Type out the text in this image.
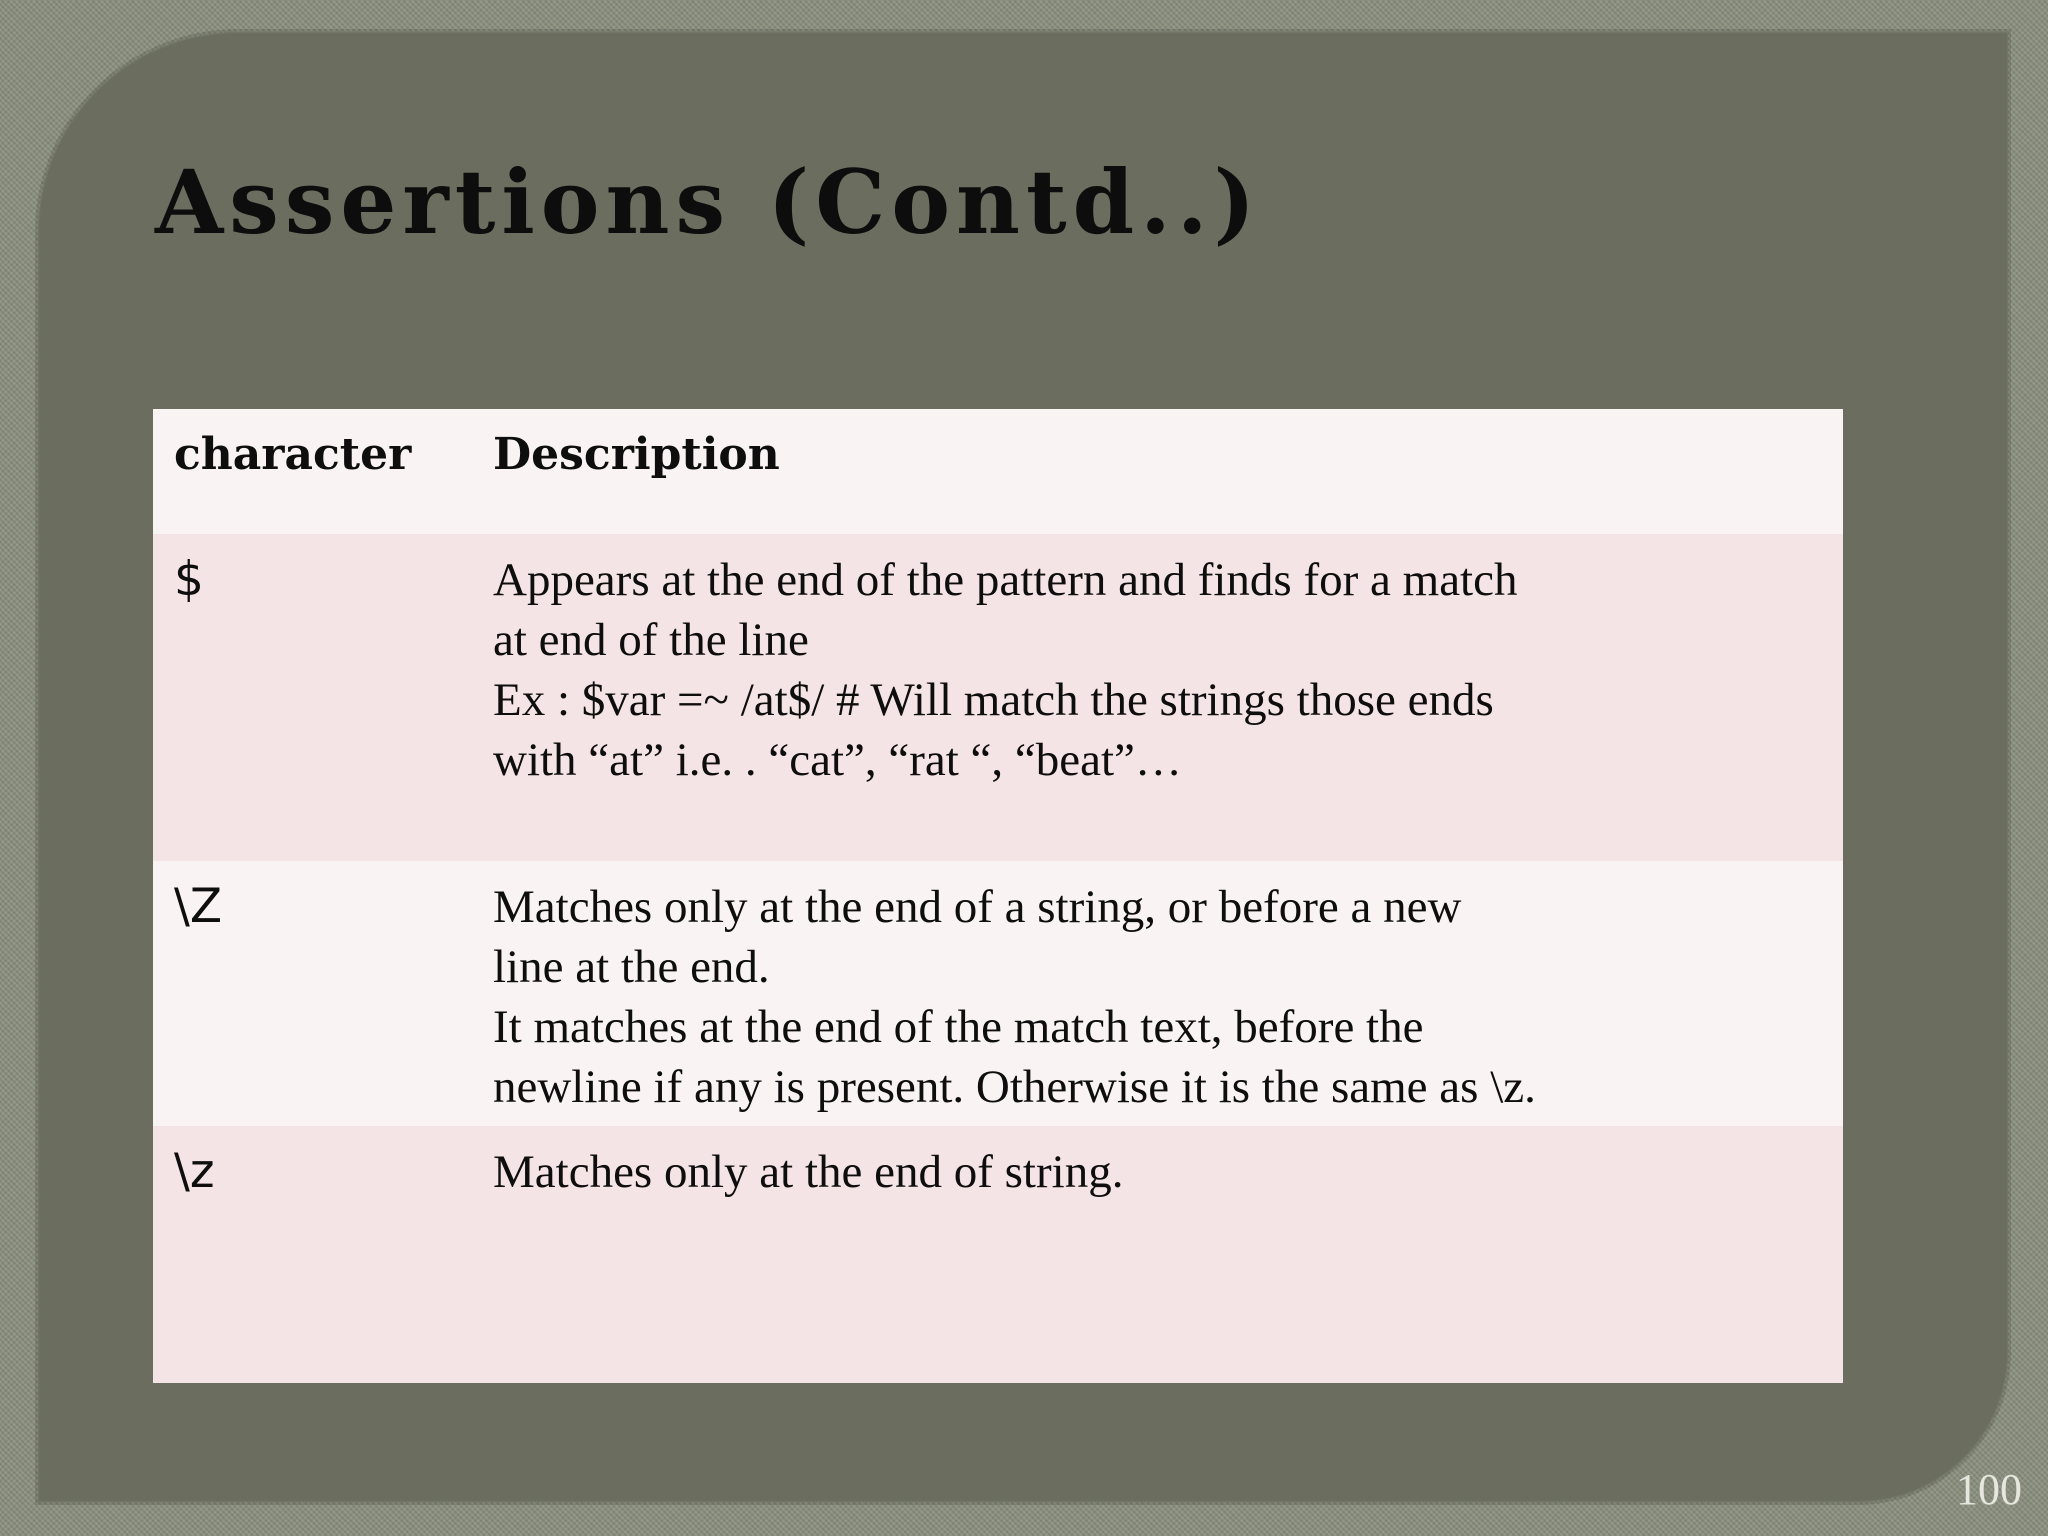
Assertions (Contd..)
character	Description
$	Appears at the end of the pattern and finds for a match
at end of the line
Ex : $var =~ /at$/ # Will match the strings those ends
with “at” i.e. . “cat”, “rat “, “beat”…

\Z	Matches only at the end of a string, or before a new
line at the end.
It matches at the end of the match text, before the
newline if any is present. Otherwise it is the same as \z.

\z	Matches only at the end of string.
100
